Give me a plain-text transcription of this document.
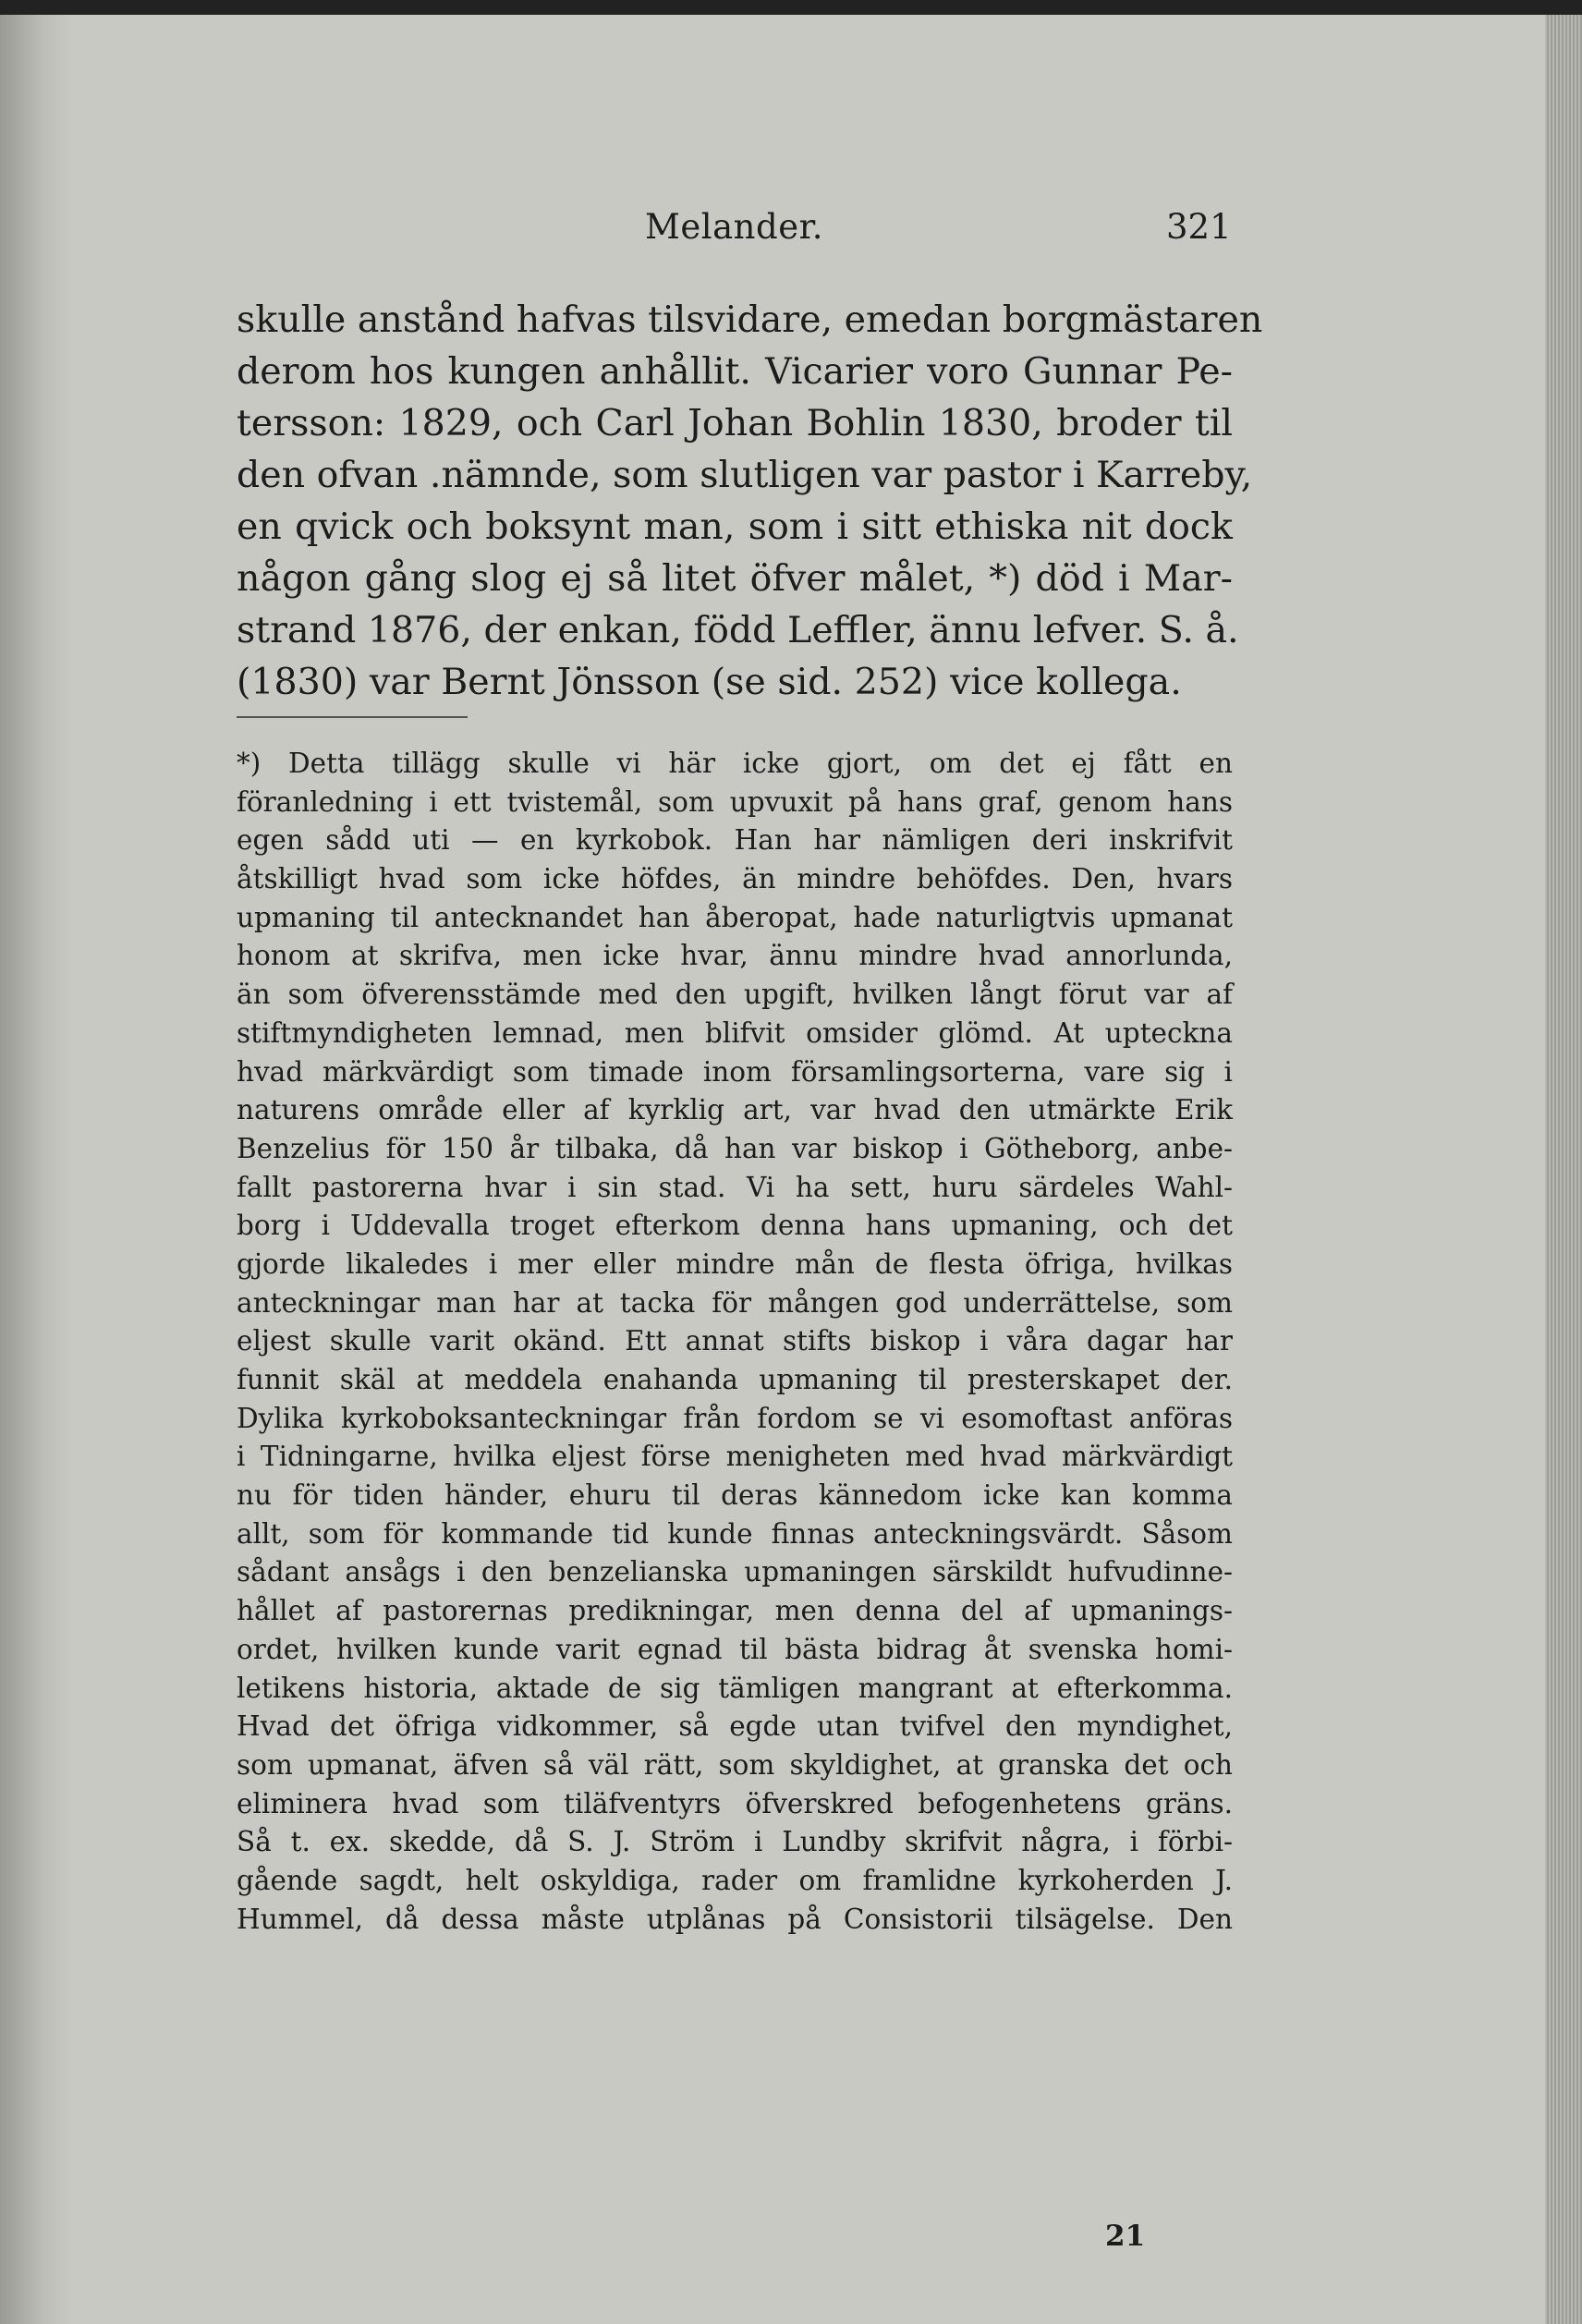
Melander.	321
skulle anstånd hafvas tilsvidare, emedan borgmästaren
derom hos kungen anhållit. Vicarier voro Gunnar Pe-
tersson: 1829, och Carl Johan Bohlin 1830, broder til
den ofvan .nämnde, som slutligen var pastor i Karreby,
en qvick och boksynt man, som i sitt ethiska nit dock
någon gång slog ej så litet öfver målet, *) död i Mar-
strand 1876, der enkan, född Leffler, ännu lefver. S. å.
(1830) var Bernt Jönsson (se sid. 252) vice kollega.
*) Detta tillägg skulle vi här icke gjort, om det ej fått en
föranledning i ett tvistemål, som upvuxit på hans graf, genom hans
egen sådd uti — en kyrkobok. Han har nämligen deri inskrifvit
åtskilligt hvad som icke höfdes, än mindre behöfdes. Den, hvars
upmaning til antecknandet han åberopat, hade naturligtvis upmanat
honom at skrifva, men icke hvar, ännu mindre hvad annorlunda,
än som öfverensstämde med den upgift, hvilken långt förut var af
stiftmyndigheten lemnad, men blifvit omsider glömd. At upteckna
hvad märkvärdigt som timade inom församlingsorterna, vare sig i
naturens område eller af kyrklig art, var hvad den utmärkte Erik
Benzelius för 150 år tilbaka, då han var biskop i Götheborg, anbe-
fallt pastorerna hvar i sin stad. Vi ha sett, huru särdeles Wahl-
borg i Uddevalla troget efterkom denna hans upmaning, och det
gjorde likaledes i mer eller mindre mån de flesta öfriga, hvilkas
anteckningar man har at tacka för mången god underrättelse, som
eljest skulle varit okänd. Ett annat stifts biskop i våra dagar har
funnit skäl at meddela enahanda upmaning til presterskapet der.
Dylika kyrkoboksanteckningar från fordom se vi esomoftast anföras
i Tidningarne, hvilka eljest förse menigheten med hvad märkvärdigt
nu för tiden händer, ehuru til deras kännedom icke kan komma
allt, som för kommande tid kunde finnas anteckningsvärdt. Såsom
sådant ansågs i den benzelianska upmaningen särskildt hufvudinne-
hållet af pastorernas predikningar, men denna del af upmanings-
ordet, hvilken kunde varit egnad til bästa bidrag åt svenska homi-
letikens historia, aktade de sig tämligen mangrant at efterkomma.
Hvad det öfriga vidkommer, så egde utan tvifvel den myndighet,
som upmanat, äfven så väl rätt, som skyldighet, at granska det och
eliminera hvad som tiläfventyrs öfverskred befogenhetens gräns.
Så t. ex. skedde, då S. J. Ström i Lundby skrifvit några, i förbi-
gående sagdt, helt oskyldiga, rader om framlidne kyrkoherden J.
Hummel, då dessa måste utplånas på Consistorii tilsägelse. Den
21
